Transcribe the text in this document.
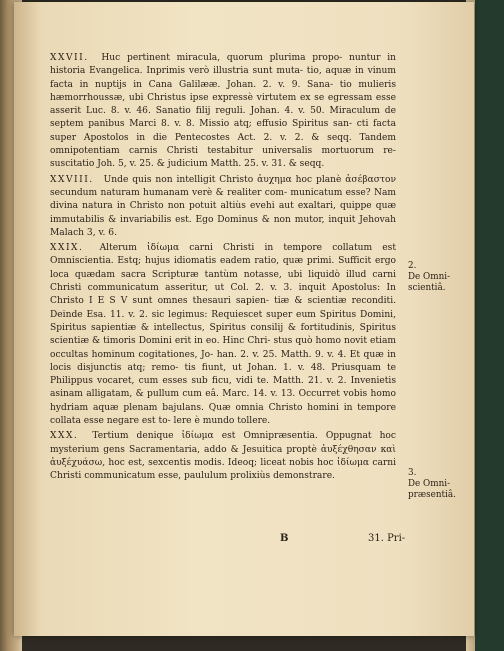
XXVII. Huc pertinent miracula, quorum plurima propo- nuntur in historia Evangelica. Inprimis verò illustria sunt muta- tio, aquæ in vinum facta in nuptijs in Cana Galilææ. Johan. 2. v. 9. Sana- tio mulieris hæmorrhoussæ, ubi Christus ipse expressè virtutem ex se egressam esse asserit Luc. 8. v. 46. Sanatio filij reguli. Johan. 4. v. 50. Miraculum de septem panibus Marci 8. v. 8. Missio atq; effusio Spiritus san- cti facta super Apostolos in die Pentecostes Act. 2. v. 2. & seqq. Tandem omnipotentiam carnis Christi testabitur universalis mortuorum re- suscitatio Joh. 5, v. 25. & judicium Matth. 25. v. 31. & seqq.

XXVIII. Unde quis non intelligit Christo ἀυχημα hoc planè ἀσέβαστον secundum naturam humanam verè & realiter com- municatum esse? Nam divina natura in Christo non potuit altiùs evehi aut exaltari, quippe quæ immutabilis & invariabilis est. Ego Dominus & non mutor, inquit Jehovah Malach 3, v. 6.

XXIX. Alterum ἰδίωμα carni Christi in tempore collatum est Omniscientia. Estq; hujus idiomatis eadem ratio, quæ primi. Sufficit ergo loca quædam sacra Scripturæ tantùm notasse, ubi liquidò illud carni Christi communicatum asseritur, ut Col. 2. v. 3. inquit Apostolus: In Christo I E S V sunt omnes thesauri sapien- tiæ & scientiæ reconditi. Deinde Esa. 11. v. 2. sic legimus: Requiescet super eum Spiritus Domini, Spiritus sapientiæ & intellectus, Spiritus consilij & fortitudinis, Spiritus scientiæ & timoris Domini erit in eo. Hinc Chri- stus quò homo novit etiam occultas hominum cogitationes, Jo- han. 2. v. 25. Matth. 9. v. 4. Et quæ in locis disjunctis atq; remo- tis fiunt, ut Johan. 1. v. 48. Priusquam te Philippus vocaret, cum esses sub ficu, vidi te. Matth. 21. v. 2. Invenietis asinam alligatam, & pullum cum eâ. Marc. 14. v. 13. Occurret vobis homo hydriam aquæ plenam bajulans. Quæ omnia Christo homini in tempore collata esse negare est to- lere è mundo tollere.

XXX. Tertium denique ἰδίωμα est Omnipræsentia. Oppugnat hoc mysterium gens Sacramentaria, addo & Jesuitica proptè ἀυξέχθησαν καὶ ἀυξέχυάσω, hoc est, sexcentis modis. Ideoq; liceat nobis hoc ἰδίωμα carni Christi communicatum esse, paululum prolixiùs demonstrare.

2.
De Omni-
scientiâ.
3.
De Omni-
præsentiâ.
B	31. Pri-
